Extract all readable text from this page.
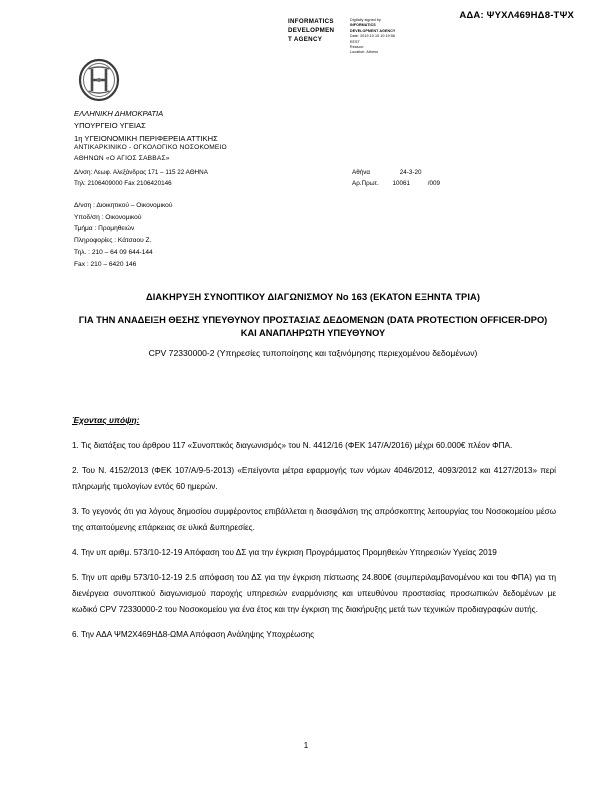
ΑΔΑ: ΨΥΧΛ469ΗΔ8-ΤΨΧ
INFORMATICS
DEVELOPMEN
T AGENCY
Digitally signed by
INFORMATICS
DEVELOPMENT AGENCY
Date: 2019.10.15 10:19:56
EEST
Reason:
Location: Athens
ΕΛΛΗΝΙΚΗ ΔΗΜΟΚΡΑΤΙΑ
ΥΠΟΥΡΓΕΙΟ ΥΓΕΙΑΣ
1η ΥΓΕΙΟΝΟΜΙΚΗ ΠΕΡΙΦΕΡΕΙΑ ΑΤΤΙΚΗΣ
ΑΝΤΙΚΑΡΚΙΝΙΚΟ - ΟΓΚΟΛΟΓΙΚΟ ΝΟΣΟΚΟΜΕΙΟ
ΑΘΗΝΩΝ «Ο ΑΓΙΟΣ ΣΑΒΒΑΣ»
Δ/νση: Λεωφ. Αλεξάνδρας 171 – 115 22 ΑΘΗΝΑ
Τηλ: 2106409000 Fax 2106420146
Αθήνα	24-3-20
Αρ.Πρωτ. 10061	/009
Δ/νση : Διοικητικού – Οικονομικού
Υποδ/ση : Οικονομικού
Τμήμα : Προμηθειών
Πληροφορίες : Κάτσαου Ζ.
Τηλ. : 210 – 64 09 644-144
Fax : 210 – 6420 146
ΔΙΑΚΗΡΥΞΗ ΣΥΝΟΠΤΙΚΟΥ ΔΙΑΓΩΝΙΣΜΟΥ Νο 163 (ΕΚΑΤΟΝ ΕΞΗΝΤΑ ΤΡΙΑ)
ΓΙΑ ΤΗΝ ΑΝΑΔΕΙΞΗ ΘΕΣΗΣ ΥΠΕΥΘΥΝΟΥ ΠΡΟΣΤΑΣΙΑΣ ΔΕΔΟΜΕΝΩΝ (DATA PROTECTION OFFICER-DPO) ΚΑΙ ΑΝΑΠΛΗΡΩΤΗ ΥΠΕΥΘΥΝΟΥ
CPV 72330000-2 (Υπηρεσίες τυποποίησης και ταξινόμησης περιεχομένου δεδομένων)
Έχοντας υπόψη:
1. Τις διατάξεις του άρθρου 117 «Συνοπτικός διαγωνισμός» του Ν. 4412/16 (ΦΕΚ 147/Α/2016) μέχρι 60.000€ πλέον ΦΠΑ.
2. Του Ν. 4152/2013 (ΦΕΚ 107/Α/9-5-2013) «Επείγοντα μέτρα εφαρμογής των νόμων 4046/2012, 4093/2012 και 4127/2013» περί πληρωμής τιμολογίων εντός 60 ημερών.
3. Το γεγονός ότι για λόγους δημοσίου συμφέροντος επιβάλλεται η διασφάλιση της απρόσκοπτης λειτουργίας του Νοσοκομείου μέσω της απαιτούμενης επάρκειας σε υλικά &υπηρεσίες.
4. Την υπ αριθμ. 573/10-12-19 Απόφαση του ΔΣ για την έγκριση Προγράμματος Προμηθειών Υπηρεσιών Υγείας 2019
5. Την υπ αριθμ 573/10-12-19 2.5 απόφαση του ΔΣ για την έγκριση πίστωσης 24.800€ (συμπεριλαμβανομένου και του ΦΠΑ) για τη διενέργεια συνοπτικού διαγωνισμού παροχής υπηρεσιών εναρμόνισης και υπευθύνου προστασίας προσωπικών δεδομένων με κωδικό CPV 72330000-2 του Νοσοκομείου για ένα έτος και την έγκριση της διακήρυξης μετά των τεχνικών προδιαγραφών αυτής.
6. Την ΑΔΑ ΨΜ2Χ469ΗΔ8-ΩΜΑ Απόφαση Ανάληψης Υποχρέωσης
1
